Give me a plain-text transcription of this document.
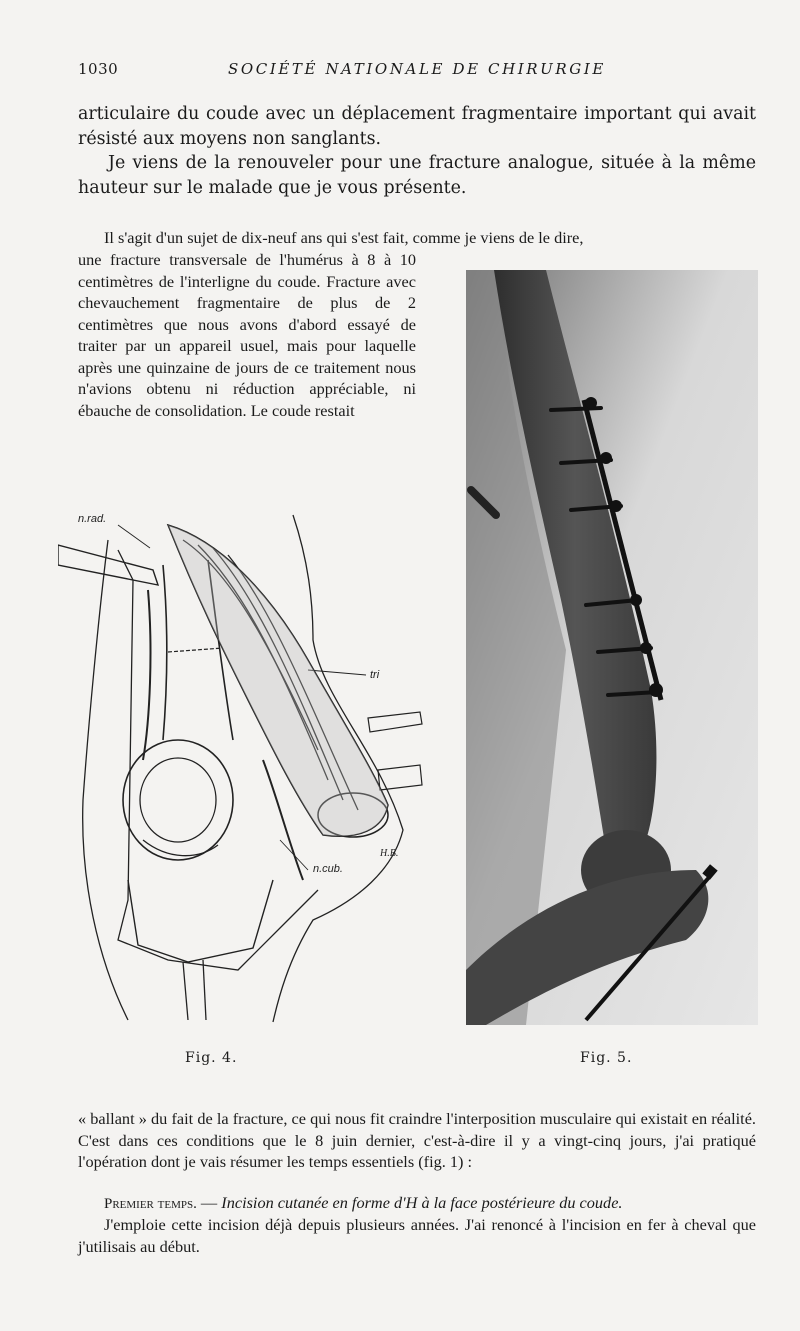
1030	SOCIÉTÉ NATIONALE DE CHIRURGIE

articulaire du coude avec un déplacement fragmentaire important qui avait résisté aux moyens non sanglants.

Je viens de la renouveler pour une fracture analogue, située à la même hauteur sur le malade que je vous présente.

Il s'agit d'un sujet de dix-neuf ans qui s'est fait, comme je viens de le dire,

une fracture transversale de l'humérus à 8 à 10 centimètres de l'interligne du coude. Fracture avec chevauchement fragmentaire de plus de 2 centimètres que nous avons d'abord essayé de traiter par un appareil usuel, mais pour laquelle après une quinzaine de jours de ce traitement nous n'avions obtenu ni réduction appréciable, ni ébauche de consolidation. Le coude restait

n.rad.
tri
n.cub.
H.B.
Fig. 4.	Fig. 5.

« ballant » du fait de la fracture, ce qui nous fit craindre l'interposition musculaire qui existait en réalité. C'est dans ces conditions que le 8 juin dernier, c'est-à-dire il y a vingt-cinq jours, j'ai pratiqué l'opération dont je vais résumer les temps essentiels (fig. 1) :

Premier temps. — Incision cutanée en forme d'H à la face postérieure du coude.

J'emploie cette incision déjà depuis plusieurs années. J'ai renoncé à l'incision en fer à cheval que j'utilisais au début.
